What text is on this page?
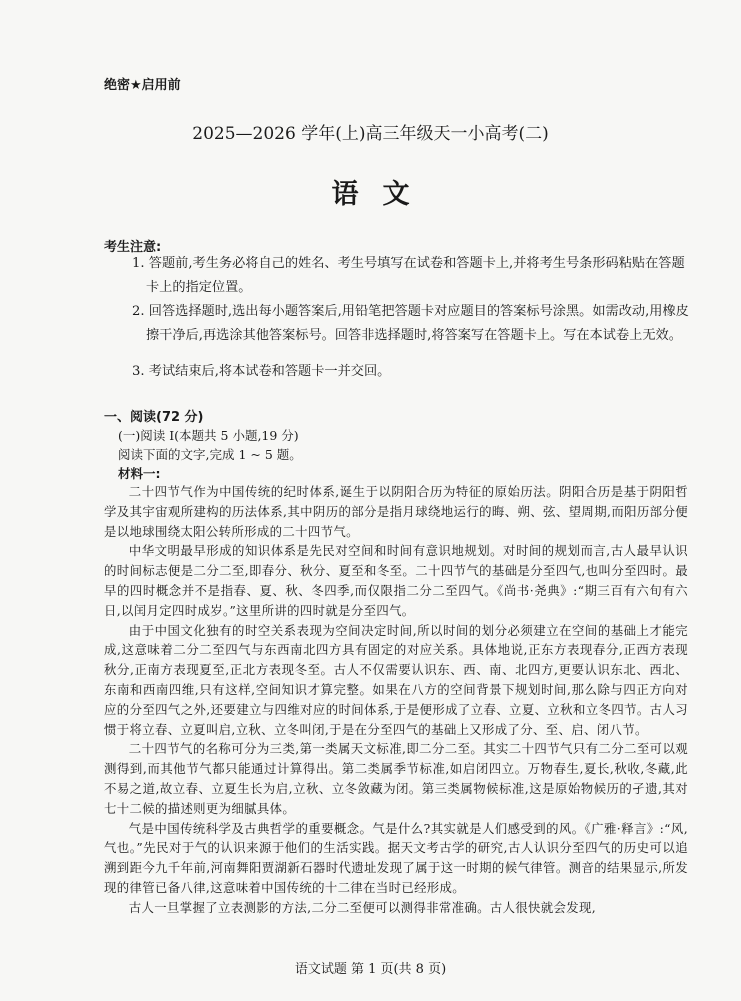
绝密★启用前
2025—2026 学年(上)高三年级天一小高考(二)
语文
考生注意:
1. 答题前,考生务必将自己的姓名、考生号填写在试卷和答题卡上,并将考生号条形码粘贴在答题卡上的指定位置。
2. 回答选择题时,选出每小题答案后,用铅笔把答题卡对应题目的答案标号涂黑。如需改动,用橡皮擦干净后,再选涂其他答案标号。回答非选择题时,将答案写在答题卡上。写在本试卷上无效。
3. 考试结束后,将本试卷和答题卡一并交回。
一、阅读(72 分)
(一)阅读 I(本题共 5 小题,19 分)
阅读下面的文字,完成 1 ~ 5 题。
材料一:

二十四节气作为中国传统的纪时体系,诞生于以阴阳合历为特征的原始历法。阴阳合历是基于阴阳哲学及其宇宙观所建构的历法体系,其中阴历的部分是指月球绕地运行的晦、朔、弦、望周期,而阳历部分便是以地球围绕太阳公转所形成的二十四节气。

中华文明最早形成的知识体系是先民对空间和时间有意识地规划。对时间的规划而言,古人最早认识的时间标志便是二分二至,即春分、秋分、夏至和冬至。二十四节气的基础是分至四气,也叫分至四时。最早的四时概念并不是指春、夏、秋、冬四季,而仅限指二分二至四气。《尚书·尧典》:“期三百有六旬有六日,以闰月定四时成岁。”这里所讲的四时就是分至四气。

由于中国文化独有的时空关系表现为空间决定时间,所以时间的划分必须建立在空间的基础上才能完成,这意味着二分二至四气与东西南北四方具有固定的对应关系。具体地说,正东方表现春分,正西方表现秋分,正南方表现夏至,正北方表现冬至。古人不仅需要认识东、西、南、北四方,更要认识东北、西北、东南和西南四维,只有这样,空间知识才算完整。如果在八方的空间背景下规划时间,那么除与四正方向对应的分至四气之外,还要建立与四维对应的时间体系,于是便形成了立春、立夏、立秋和立冬四节。古人习惯于将立春、立夏叫启,立秋、立冬叫闭,于是在分至四气的基础上又形成了分、至、启、闭八节。

二十四节气的名称可分为三类,第一类属天文标准,即二分二至。其实二十四节气只有二分二至可以观测得到,而其他节气都只能通过计算得出。第二类属季节标准,如启闭四立。万物春生,夏长,秋收,冬藏,此不易之道,故立春、立夏生长为启,立秋、立冬敛藏为闭。第三类属物候标准,这是原始物候历的孑遗,其对七十二候的描述则更为细腻具体。

气是中国传统科学及古典哲学的重要概念。气是什么?其实就是人们感受到的风。《广雅·释言》:“风,气也。”先民对于气的认识来源于他们的生活实践。据天文考古学的研究,古人认识分至四气的历史可以追溯到距今九千年前,河南舞阳贾湖新石器时代遗址发现了属于这一时期的候气律管。测音的结果显示,所发现的律管已备八律,这意味着中国传统的十二律在当时已经形成。

古人一旦掌握了立表测影的方法,二分二至便可以测得非常准确。古人很快就会发现,

语文试题 第 1 页(共 8 页)
